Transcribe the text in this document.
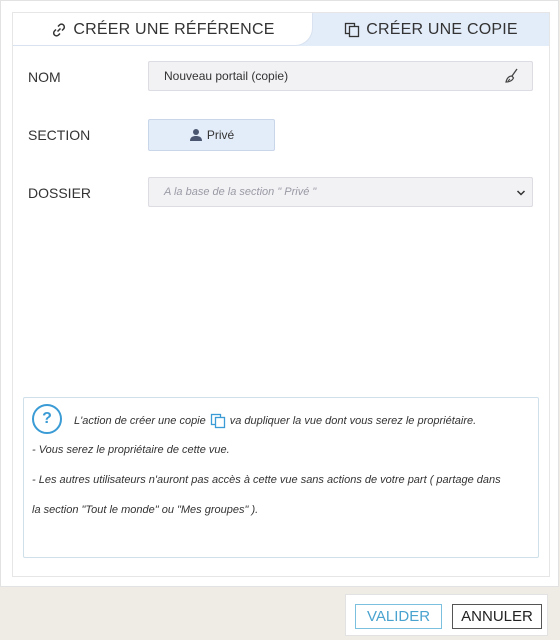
CRÉER UNE RÉFÉRENCE	CRÉER UNE COPIE
NOM	Nouveau portail (copie)
SECTION	Privé
DOSSIER	A la base de la section " Privé "
?	L'action de créer une copie va dupliquer la vue dont vous serez le propriétaire.
- Vous serez le propriétaire de cette vue.
- Les autres utilisateurs n'auront pas accès à cette vue sans actions de votre part ( partage dans
la section "Tout le monde" ou "Mes groupes" ).
VALIDER	ANNULER
